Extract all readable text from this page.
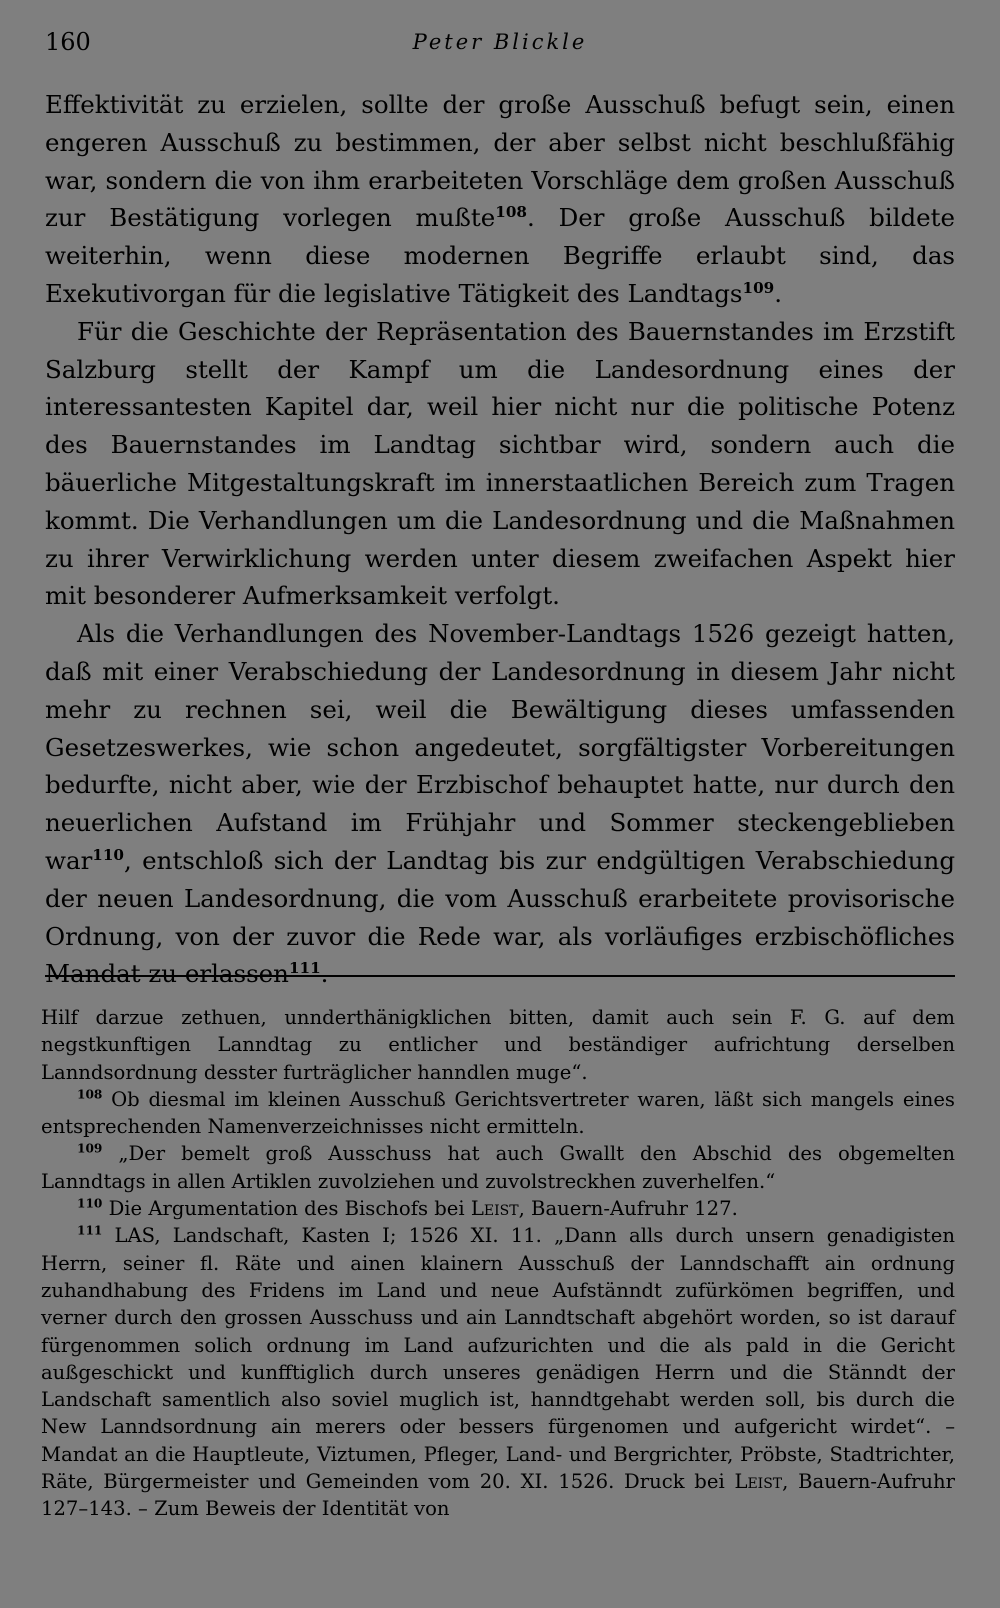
160	Peter Blickle

Effektivität zu erzielen, sollte der große Ausschuß befugt sein, einen engeren Ausschuß zu bestimmen, der aber selbst nicht beschlußfähig war, sondern die von ihm erarbeiteten Vorschläge dem großen Ausschuß zur Bestätigung vorlegen mußte$^{108}$. Der große Ausschuß bildete weiterhin, wenn diese modernen Begriffe erlaubt sind, das Exekutivorgan für die legislative Tätigkeit des Landtags$^{109}$.

Für die Geschichte der Repräsentation des Bauernstandes im Erzstift Salzburg stellt der Kampf um die Landesordnung eines der interessantesten Kapitel dar, weil hier nicht nur die politische Potenz des Bauernstandes im Landtag sichtbar wird, sondern auch die bäuerliche Mitgestaltungskraft im innerstaatlichen Bereich zum Tragen kommt. Die Verhandlungen um die Landesordnung und die Maßnahmen zu ihrer Verwirklichung werden unter diesem zweifachen Aspekt hier mit besonderer Aufmerksamkeit verfolgt.

Als die Verhandlungen des November-Landtags 1526 gezeigt hatten, daß mit einer Verabschiedung der Landesordnung in diesem Jahr nicht mehr zu rechnen sei, weil die Bewältigung dieses umfassenden Gesetzeswerkes, wie schon angedeutet, sorgfältigster Vorbereitungen bedurfte, nicht aber, wie der Erzbischof behauptet hatte, nur durch den neuerlichen Aufstand im Frühjahr und Sommer steckengeblieben war$^{110}$, entschloß sich der Landtag bis zur endgültigen Verabschiedung der neuen Landesordnung, die vom Ausschuß erarbeitete provisorische Ordnung, von der zuvor die Rede war, als vorläufiges erzbischöfliches Mandat zu erlassen$^{111}$.

Hilf darzue zethuen, unnderthänigklichen bitten, damit auch sein F. G. auf dem negstkunftigen Lanndtag zu entlicher und beständiger aufrichtung derselben Lanndsordnung desster furträglicher hanndlen muge“.

$^{108}$ Ob diesmal im kleinen Ausschuß Gerichtsvertreter waren, läßt sich mangels eines entsprechenden Namenverzeichnisses nicht ermitteln.

$^{109}$ „Der bemelt groß Ausschuss hat auch Gwallt den Abschid des obgemelten Lanndtags in allen Artiklen zuvolziehen und zuvolstreckhen zuverhelfen.“

$^{110}$ Die Argumentation des Bischofs bei Leist, Bauern-Aufruhr 127.

$^{111}$ LAS, Landschaft, Kasten I; 1526 XI. 11. „Dann alls durch unsern genadigisten Herrn, seiner fl. Räte und ainen klainern Ausschuß der Lanndschafft ain ordnung zuhandhabung des Fridens im Land und neue Aufstänndt zufürkömen begriffen, und verner durch den grossen Ausschuss und ain Lanndtschaft abgehört worden, so ist darauf fürgenommen solich ordnung im Land aufzurichten und die als pald in die Gericht außgeschickt und kunfftiglich durch unseres genädigen Herrn und die Stänndt der Landschaft samentlich also soviel muglich ist, hanndtgehabt werden soll, bis durch die New Lanndsordnung ain merers oder bessers fürgenomen und aufgericht wirdet“. – Mandat an die Hauptleute, Viztumen, Pfleger, Land- und Bergrichter, Pröbste, Stadtrichter, Räte, Bürgermeister und Gemeinden vom 20. XI. 1526. Druck bei Leist, Bauern-Aufruhr 127–143. – Zum Beweis der Identität von
